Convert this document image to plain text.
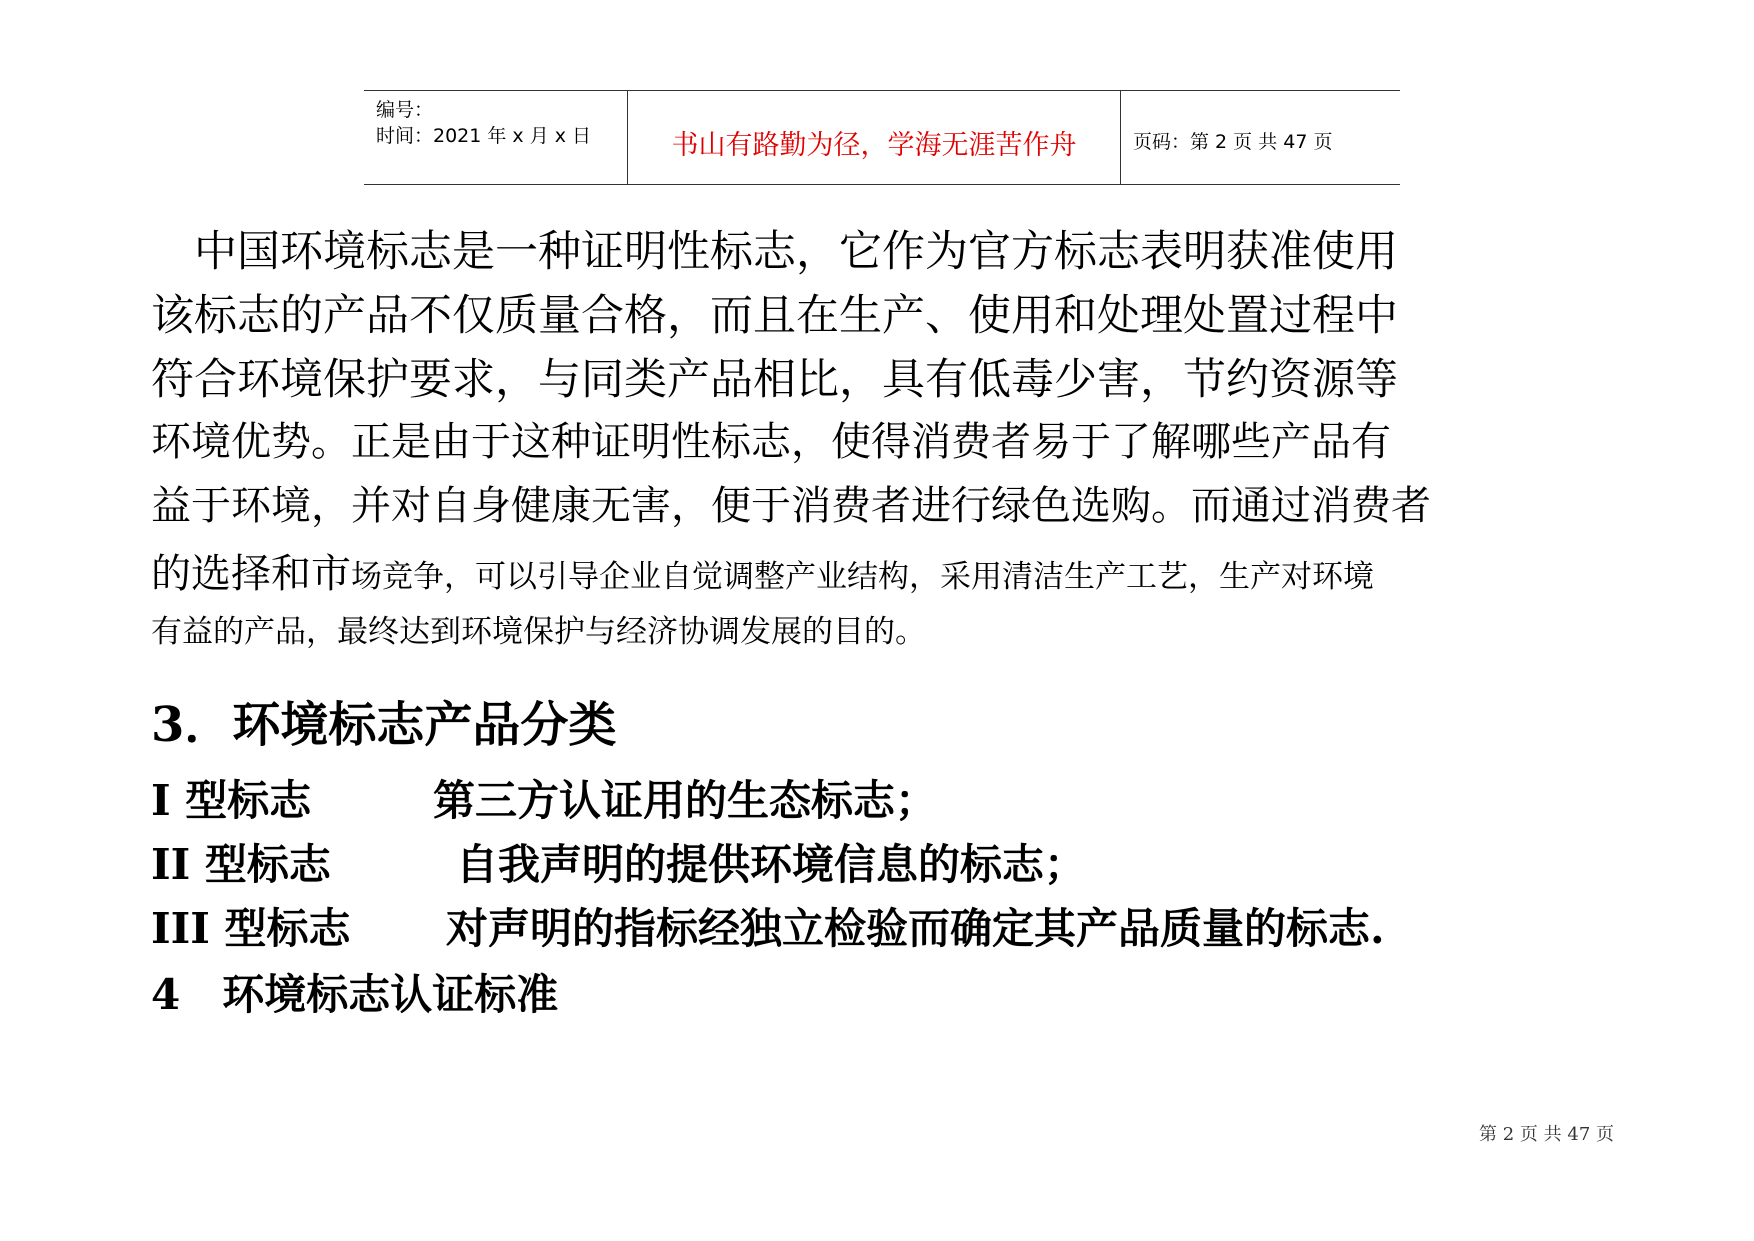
编号：
时间：2021 年 x 月 x 日	书山有路勤为径，学海无涯苦作舟	页码：第 2 页 共 47 页
　中国环境标志是一种证明性标志，它作为官方标志表明获准使用
该标志的产品不仅质量合格，而且在生产、使用和处理处置过程中
符合环境保护要求，与同类产品相比，具有低毒少害，节约资源等
环境优势。正是由于这种证明性标志，使得消费者易于了解哪些产品有
益于环境，并对自身健康无害，便于消费者进行绿色选购。而通过消费者
的选择和市场竞争，可以引导企业自觉调整产业结构，采用清洁生产工艺，生产对环境
有益的产品，最终达到环境保护与经济协调发展的目的。
3．环境标志产品分类
I 型标志	第三方认证用的生态标志；
II 型标志	自我声明的提供环境信息的标志；
III 型标志 对声明的指标经独立检验而确定其产品质量的标志.
4　环境标志认证标准
第 2 页 共 47 页
